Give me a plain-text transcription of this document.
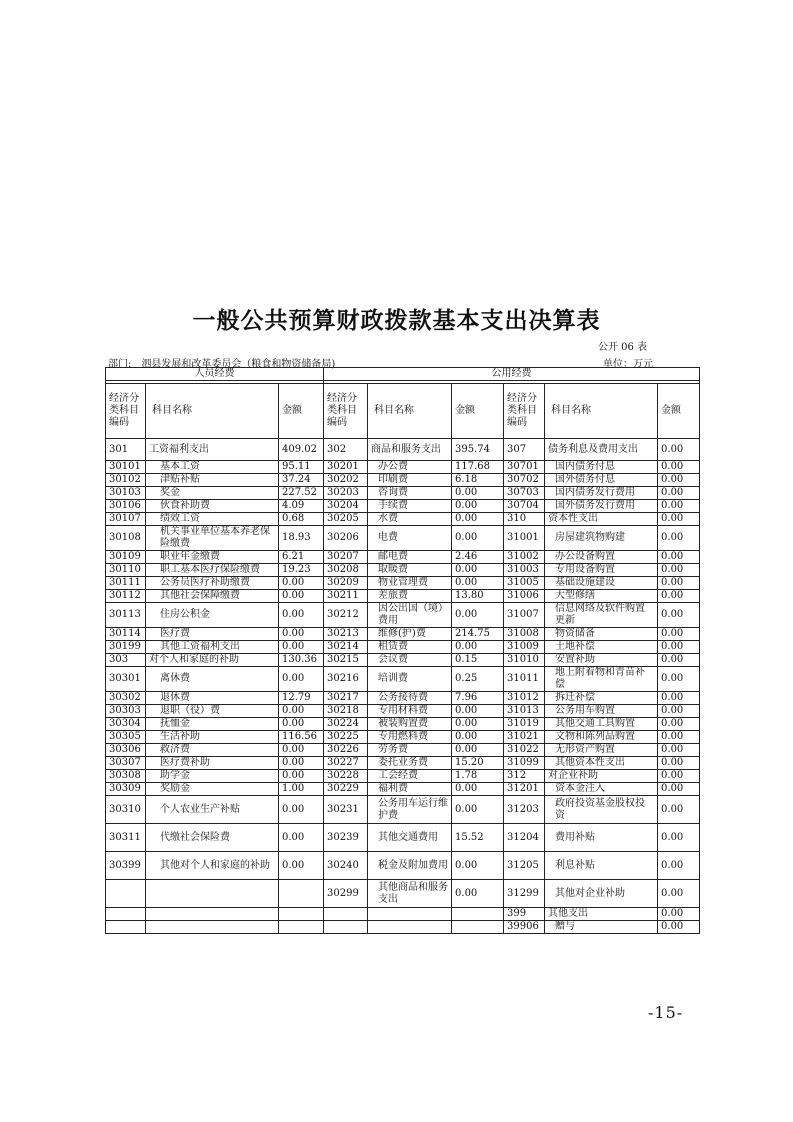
一般公共预算财政拨款基本支出决算表
公开 06 表
部门: 泗县发展和改革委员会（粮食和物资储备局)	单位：万元
人员经费			公用经费					

经济分类科目编码	科目名称	金额	经济分类科目编码	科目名称	金额	经济分类科目编码	科目名称	金额
301	工资福利支出	409.02	302	商品和服务支出	395.74	307	债务利息及费用支出	0.00
30101	基本工资	95.11	30201	办公费	117.68	30701	国内债务付息	0.00
30102	津贴补贴	37.24	30202	印刷费	6.18	30702	国外债务付息	0.00
30103	奖金	227.52	30203	咨询费	0.00	30703	国内债务发行费用	0.00
30106	伙食补助费	4.09	30204	手续费	0.00	30704	国外债务发行费用	0.00
30107	绩效工资	0.68	30205	水费	0.00	310	资本性支出	0.00
30108	机关事业单位基本养老保险缴费	18.93	30206	电费	0.00	31001	房屋建筑物购建	0.00
30109	职业年金缴费	6.21	30207	邮电费	2.46	31002	办公设备购置	0.00
30110	职工基本医疗保险缴费	19.23	30208	取暖费	0.00	31003	专用设备购置	0.00
30111	公务员医疗补助缴费	0.00	30209	物业管理费	0.00	31005	基础设施建设	0.00
30112	其他社会保障缴费	0.00	30211	差旅费	13.80	31006	大型修缮	0.00
30113	住房公积金	0.00	30212	因公出国（境）费用	0.00	31007	信息网络及软件购置更新	0.00
30114	医疗费	0.00	30213	维修(护)费	214.75	31008	物资储备	0.00
30199	其他工资福利支出	0.00	30214	租赁费	0.00	31009	土地补偿	0.00
303	对个人和家庭的补助	130.36	30215	会议费	0.15	31010	安置补助	0.00
30301	离休费	0.00	30216	培训费	0.25	31011	地上附着物和青苗补偿	0.00
30302	退休费	12.79	30217	公务接待费	7.96	31012	拆迁补偿	0.00
30303	退职（役）费	0.00	30218	专用材料费	0.00	31013	公务用车购置	0.00
30304	抚恤金	0.00	30224	被装购置费	0.00	31019	其他交通工具购置	0.00
30305	生活补助	116.56	30225	专用燃料费	0.00	31021	文物和陈列品购置	0.00
30306	救济费	0.00	30226	劳务费	0.00	31022	无形资产购置	0.00
30307	医疗费补助	0.00	30227	委托业务费	15.20	31099	其他资本性支出	0.00
30308	助学金	0.00	30228	工会经费	1.78	312	对企业补助	0.00
30309	奖励金	1.00	30229	福利费	0.00	31201	资本金注入	0.00
30310	个人农业生产补贴	0.00	30231	公务用车运行维护费	0.00	31203	政府投资基金股权投资	0.00
30311	代缴社会保险费	0.00	30239	其他交通费用	15.52	31204	费用补贴	0.00
30399	其他对个人和家庭的补助	0.00	30240	税金及附加费用	0.00	31205	利息补贴	0.00
			30299	其他商品和服务支出	0.00	31299	其他对企业补助	0.00
						399	其他支出	0.00
						39906	赠与	0.00
-15-
